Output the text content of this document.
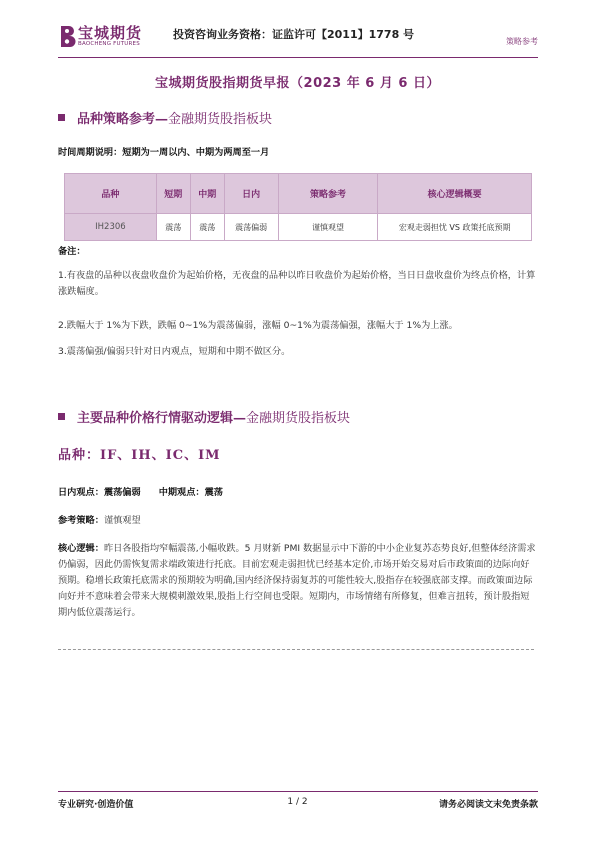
宝城期货
BAOCHENG FUTURES
投资咨询业务资格：证监许可【2011】1778 号
策略参考
宝城期货股指期货早报（2023 年 6 月 6 日）
品种策略参考—金融期货股指板块
时间周期说明：短期为一周以内、中期为两周至一月
品种	短期	中期	日内	策略参考	核心逻辑概要
IH2306	震荡	震荡	震荡偏弱	谨慎观望	宏观走弱担忧 VS 政策托底预期
备注：
1.有夜盘的品种以夜盘收盘价为起始价格，无夜盘的品种以昨日收盘价为起始价格，当日日盘收盘价为终点价格，计算涨跌幅度。
2.跌幅大于 1%为下跌，跌幅 0~1%为震荡偏弱，涨幅 0~1%为震荡偏强，涨幅大于 1%为上涨。
3.震荡偏强/偏弱只针对日内观点，短期和中期不做区分。
主要品种价格行情驱动逻辑—金融期货股指板块
品种：IF、IH、IC、IM
日内观点：震荡偏弱 中期观点：震荡
参考策略：谨慎观望
核心逻辑：昨日各股指均窄幅震荡,小幅收跌。5 月财新 PMI 数据显示中下游的中小企业复苏态势良好,但整体经济需求仍偏弱，因此仍需恢复需求端政策进行托底。目前宏观走弱担忧已经基本定价,市场开始交易对后市政策面的边际向好预期。稳增长政策托底需求的预期较为明确,国内经济保持弱复苏的可能性较大,股指存在较强底部支撑。而政策面边际向好并不意味着会带来大规模刺激效果,股指上行空间也受限。短期内，市场情绪有所修复，但难言扭转，预计股指短期内低位震荡运行。
专业研究·创造价值	1 / 2	请务必阅读文末免责条款
